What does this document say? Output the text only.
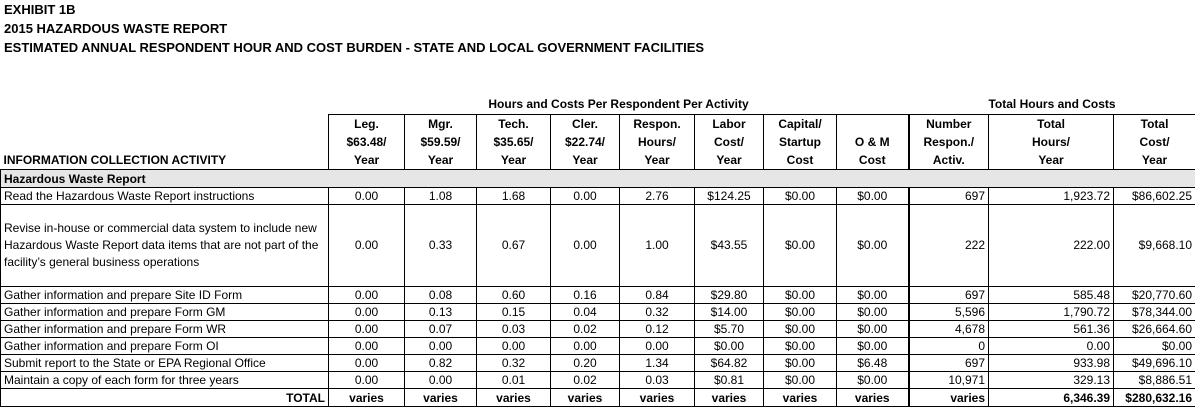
EXHIBIT 1B
2015 HAZARDOUS WASTE REPORT
ESTIMATED ANNUAL RESPONDENT HOUR AND COST BURDEN - STATE AND LOCAL GOVERNMENT FACILITIES
	Hours and Costs Per Respondent Per Activity								Total Hours and Costs		
	Leg.	Mgr.	Tech.	Cler.	Respon.	Labor	Capital/		Number	Total	Total
	$63.48/	$59.59/	$35.65/	$22.74/	Hours/	Cost/	Startup	O & M	Respon./	Hours/	Cost/
INFORMATION COLLECTION ACTIVITY	Year	Year	Year	Year	Year	Year	Cost	Cost	Activ.	Year	Year
Hazardous Waste Report											
Read the Hazardous Waste Report instructions	0.00	1.08	1.68	0.00	2.76	$124.25	$0.00	$0.00	697	1,923.72	$86,602.25
Revise in-house or commercial data system to include new Hazardous Waste Report data items that are not part of the facility’s general business operations	0.00	0.33	0.67	0.00	1.00	$43.55	$0.00	$0.00	222	222.00	$9,668.10
Gather information and prepare Site ID Form	0.00	0.08	0.60	0.16	0.84	$29.80	$0.00	$0.00	697	585.48	$20,770.60
Gather information and prepare Form GM	0.00	0.13	0.15	0.04	0.32	$14.00	$0.00	$0.00	5,596	1,790.72	$78,344.00
Gather information and prepare Form WR	0.00	0.07	0.03	0.02	0.12	$5.70	$0.00	$0.00	4,678	561.36	$26,664.60
Gather information and prepare Form OI	0.00	0.00	0.00	0.00	0.00	$0.00	$0.00	$0.00	0	0.00	$0.00
Submit report to the State or EPA Regional Office	0.00	0.82	0.32	0.20	1.34	$64.82	$0.00	$6.48	697	933.98	$49,696.10
Maintain a copy of each form for three years	0.00	0.00	0.01	0.02	0.03	$0.81	$0.00	$0.00	10,971	329.13	$8,886.51
TOTAL	varies	varies	varies	varies	varies	varies	varies	varies	varies	6,346.39	$280,632.16
